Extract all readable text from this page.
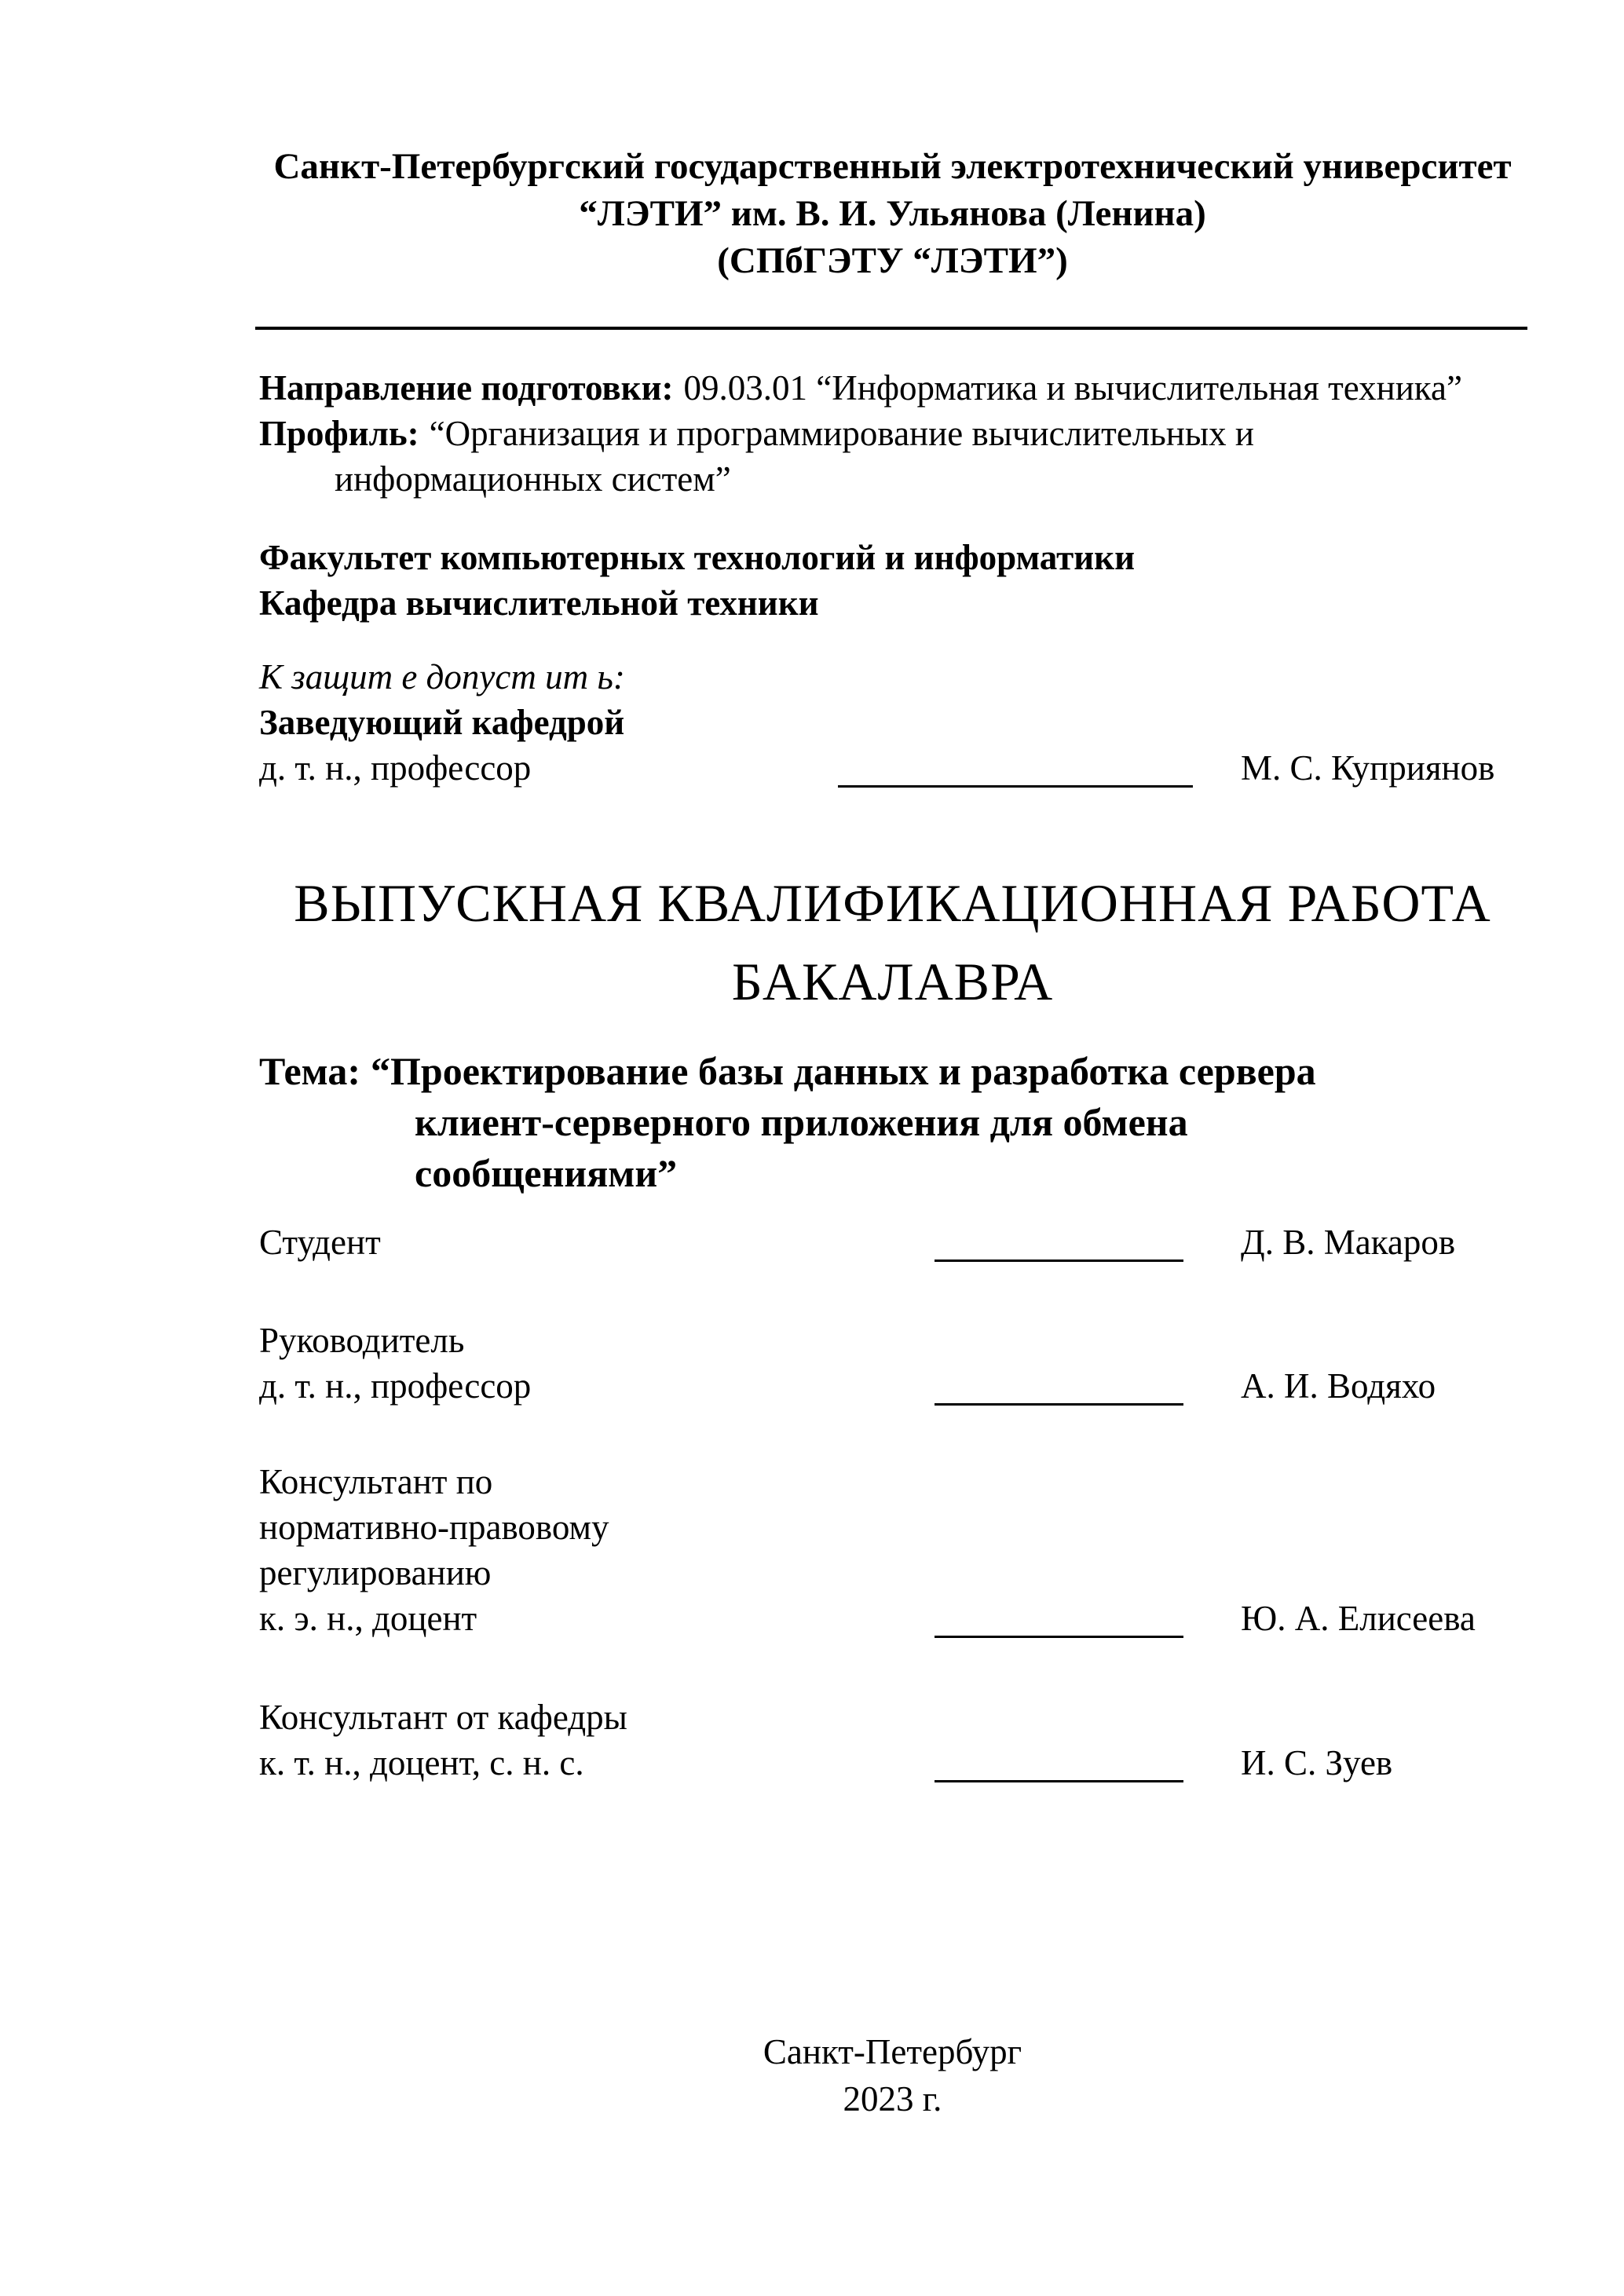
Санкт-Петербургский государственный электротехнический университет
“ЛЭТИ” им. В. И. Ульянова (Ленина)
(СПбГЭТУ “ЛЭТИ”)
Направление подготовки: 09.03.01 “Информатика и вычислительная техника”
Профиль: “Организация и программирование вычислительных и
информационных систем”
Факультет компьютерных технологий и информатики
Кафедра вычислительной техники
К защит е допуст ит ь:
Заведующий кафедрой
д. т. н., профессор	М. С. Куприянов
ВЫПУСКНАЯ КВАЛИФИКАЦИОННАЯ РАБОТА
БАКАЛАВРА
Тема: “Проектирование базы данных и разработка сервера
клиент-серверного приложения для обмена
сообщениями”
Студент	Д. В. Макаров
Руководитель
д. т. н., профессор	А. И. Водяхо
Консультант по
нормативно-правовому
регулированию
к. э. н., доцент	Ю. А. Елисеева
Консультант от кафедры
к. т. н., доцент, с. н. с.	И. С. Зуев
Санкт-Петербург
2023 г.
